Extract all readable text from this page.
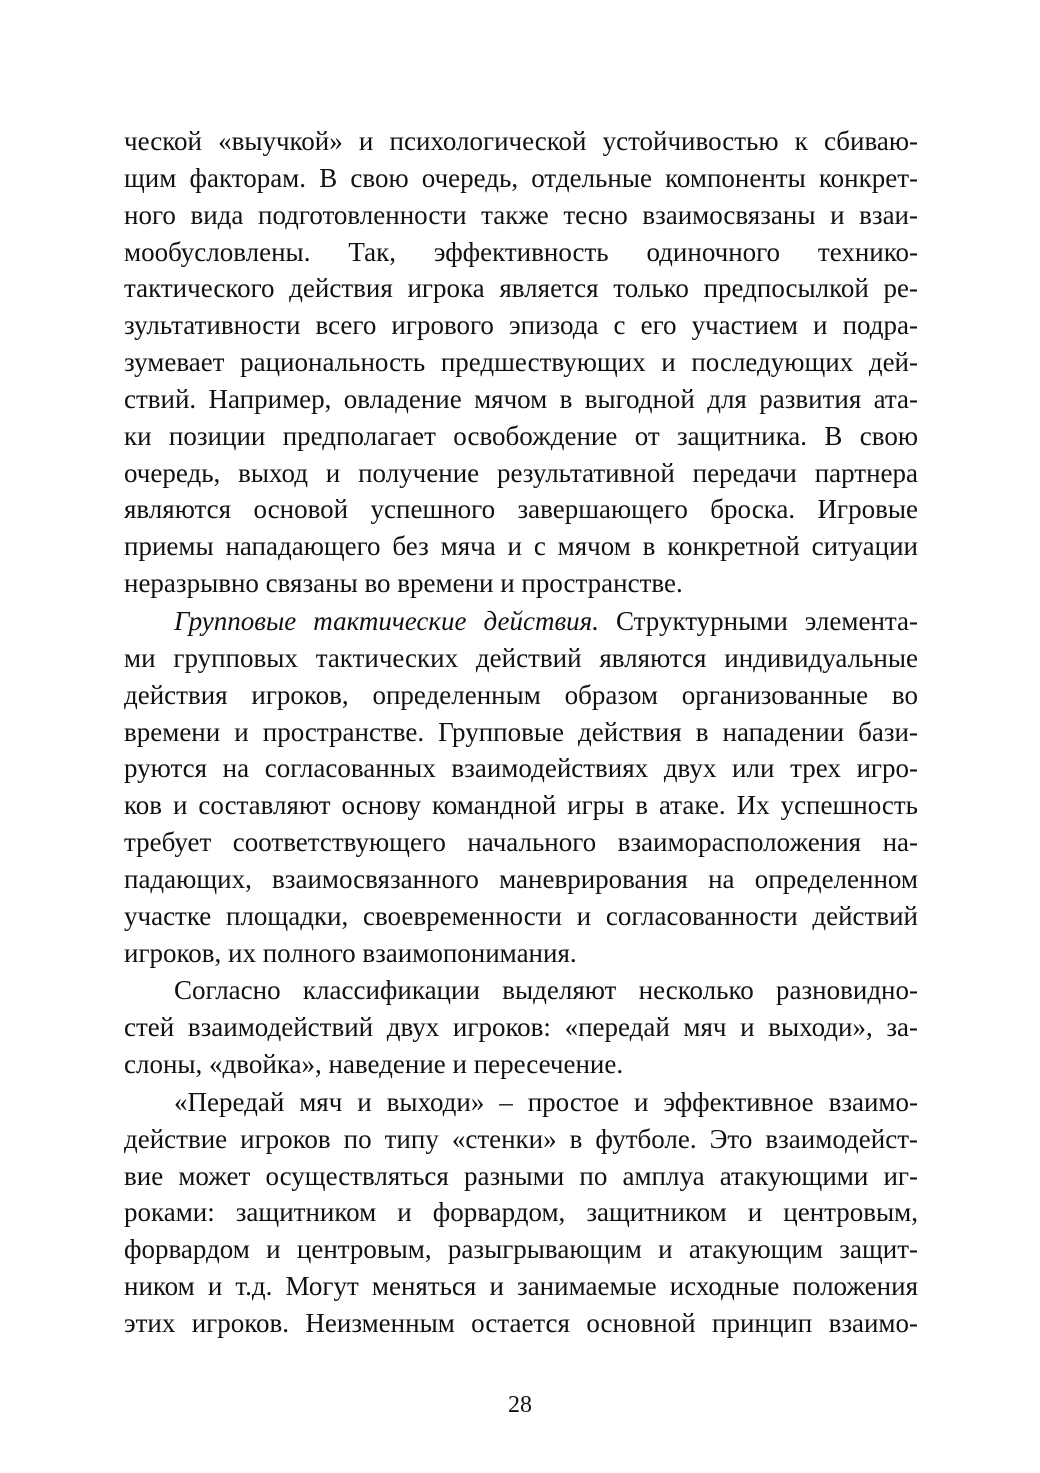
ческой «выучкой» и психологической устойчивостью к сбиваю-
щим факторам. В свою очередь, отдельные компоненты конкрет-
ного вида подготовленности также тесно взаимосвязаны и взаи-
мообусловлены. Так, эффективность одиночного технико-
тактического действия игрока является только предпосылкой ре-
зультативности всего игрового эпизода с его участием и подра-
зумевает рациональность предшествующих и последующих дей-
ствий. Например, овладение мячом в выгодной для развития ата-
ки позиции предполагает освобождение от защитника. В свою
очередь, выход и получение результативной передачи партнера
являются основой успешного завершающего броска. Игровые
приемы нападающего без мяча и с мячом в конкретной ситуации
неразрывно связаны во времени и пространстве.
Групповые тактические действия. Структурными элемента-
ми групповых тактических действий являются индивидуальные
действия игроков, определенным образом организованные во
времени и пространстве. Групповые действия в нападении бази-
руются на согласованных взаимодействиях двух или трех игро-
ков и составляют основу командной игры в атаке. Их успешность
требует соответствующего начального взаиморасположения на-
падающих, взаимосвязанного маневрирования на определенном
участке площадки, своевременности и согласованности действий
игроков, их полного взаимопонимания.
Согласно классификации выделяют несколько разновидно-
стей взаимодействий двух игроков: «передай мяч и выходи», за-
слоны, «двойка», наведение и пересечение.
«Передай мяч и выходи» – простое и эффективное взаимо-
действие игроков по типу «стенки» в футболе. Это взаимодейст-
вие может осуществляться разными по амплуа атакующими иг-
роками: защитником и форвардом, защитником и центровым,
форвардом и центровым, разыгрывающим и атакующим защит-
ником и т.д. Могут меняться и занимаемые исходные положения
этих игроков. Неизменным остается основной принцип взаимо-
28
